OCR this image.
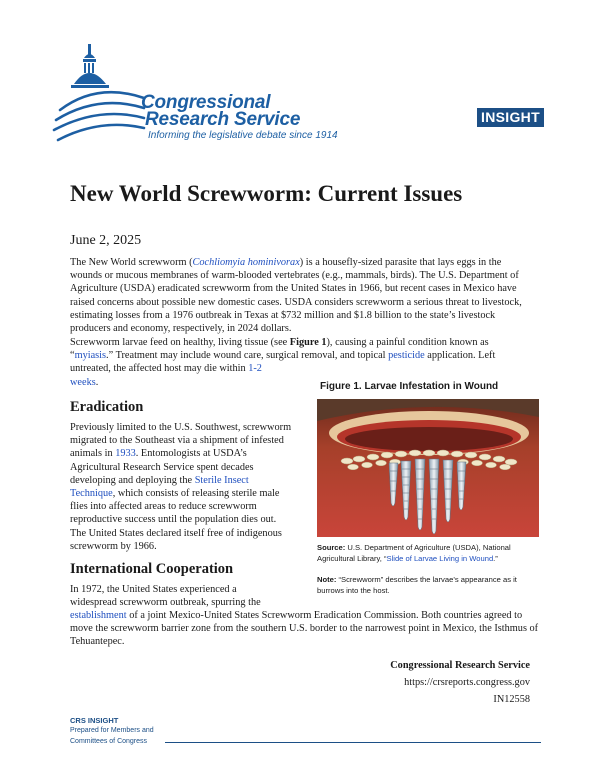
Congressional
Research Service
Informing the legislative debate since 1914
INSIGHT
New World Screwworm: Current Issues
June 2, 2025
The New World screwworm (Cochliomyia hominivorax) is a housefly-sized parasite that lays eggs in the wounds or mucous membranes of warm-blooded vertebrates (e.g., mammals, birds). The U.S. Department of Agriculture (USDA) eradicated screwworm from the United States in 1966, but recent cases in Mexico have raised concerns about possible new domestic cases. USDA considers screwworm a serious threat to livestock, estimating losses from a 1976 outbreak in Texas at $732 million and $1.8 billion to the state’s livestock producers and economy, respectively, in 2024 dollars.
Screwworm larvae feed on healthy, living tissue (see Figure 1), causing a painful condition known as “myiasis.” Treatment may include wound care, surgical removal, and topical pesticide application. Left untreated, the affected host may die within 1-2
weeks.
Eradication
Previously limited to the U.S. Southwest, screwworm migrated to the Southeast via a shipment of infested animals in 1933. Entomologists at USDA’s Agricultural Research Service spent decades developing and deploying the Sterile Insect Technique, which consists of releasing sterile male flies into affected areas to reduce screwworm reproductive success until the population dies out. The United States declared itself free of indigenous screwworm by 1966.
International Cooperation
In 1972, the United States experienced a widespread screwworm outbreak, spurring the
establishment of a joint Mexico-United States Screwworm Eradication Commission. Both countries agreed to move the screwworm barrier zone from the southern U.S. border to the narrowest point in Mexico, the Isthmus of Tehuantepec.
Figure 1. Larvae Infestation in Wound
Source: U.S. Department of Agriculture (USDA), National Agricultural Library, “Slide of Larvae Living in Wound.”
Note: “Screwworm” describes the larvae’s appearance as it burrows into the host.
Congressional Research Service
https://crsreports.congress.gov
IN12558
CRS INSIGHT
Prepared for Members and
Committees of Congress
